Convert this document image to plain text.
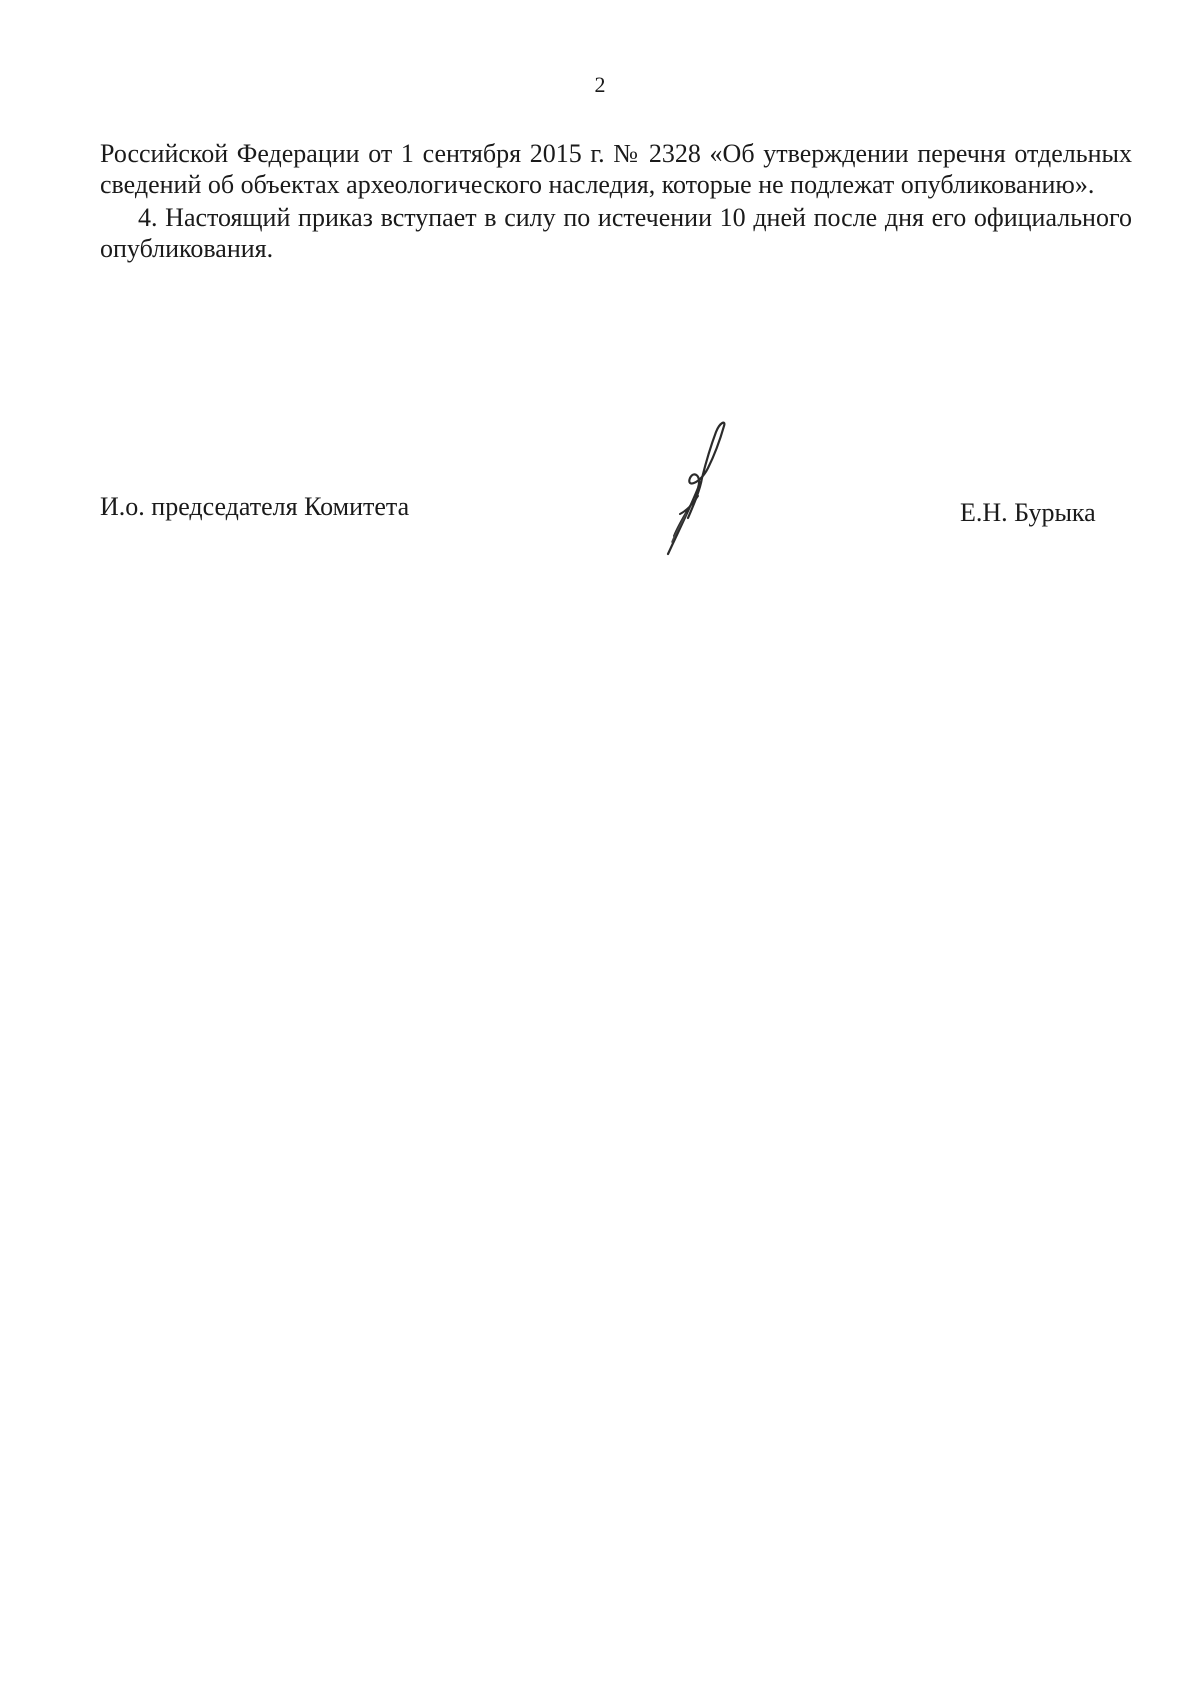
2

Российской Федерации от 1 сентября 2015 г. № 2328 «Об утверждении перечня отдельных сведений об объектах археологического наследия, которые не подлежат опубликованию».

4. Настоящий приказ вступает в силу по истечении 10 дней после дня его официального опубликования.

И.о. председателя Комитета	Е.Н. Бурыка
